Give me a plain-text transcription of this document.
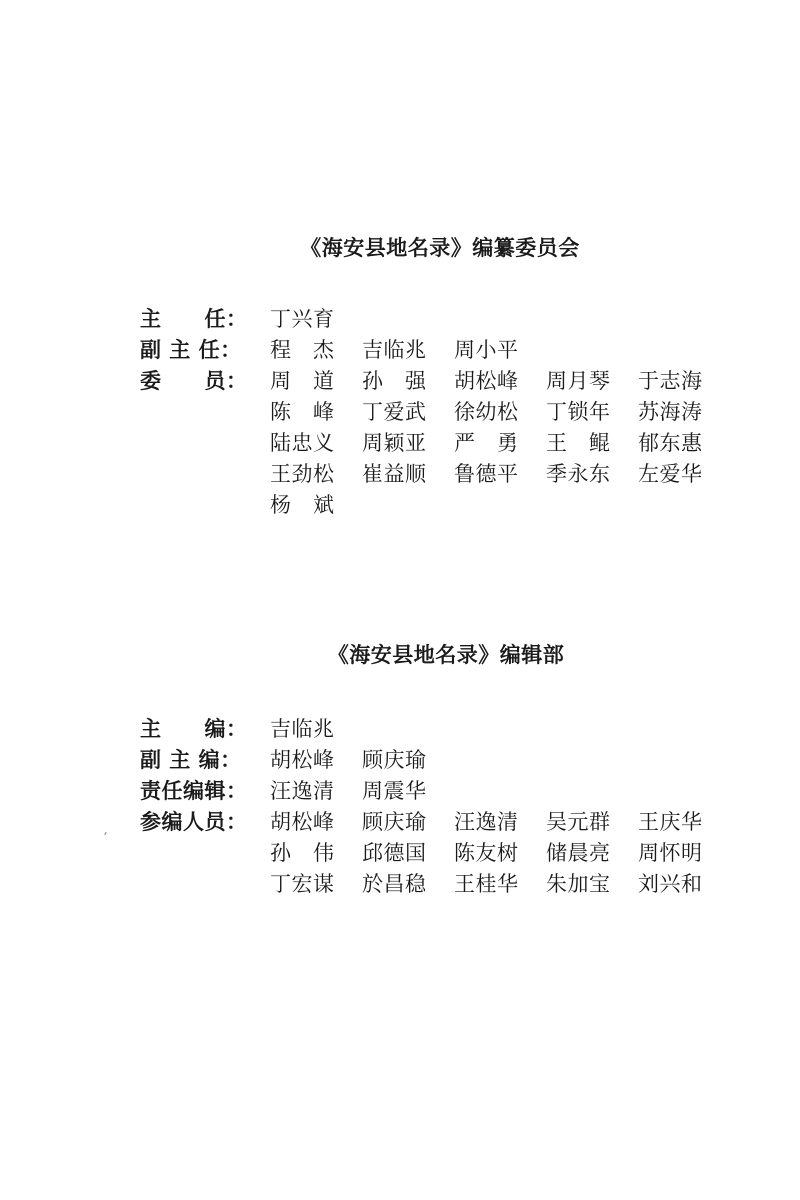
《海安县地名录》编纂委员会
主　　任：	丁兴育
副 主 任：	程　杰	吉临兆	周小平
委　　员：	周　道	孙　强	胡松峰	周月琴	于志海
陈　峰	丁爱武	徐幼松	丁锁年	苏海涛
陆忠义	周颖亚	严　勇	王　鲲	郁东惠
王劲松	崔益顺	鲁德平	季永东	左爱华
杨　斌
《海安县地名录》编辑部
主　　编：	吉临兆
副 主 编：	胡松峰	顾庆瑜
责任编辑：	汪逸清	周震华
参编人员：	胡松峰	顾庆瑜	汪逸清	吴元群	王庆华
孙　伟	邱德国	陈友树	储晨亮	周怀明
丁宏谋	於昌稳	王桂华	朱加宝	刘兴和
